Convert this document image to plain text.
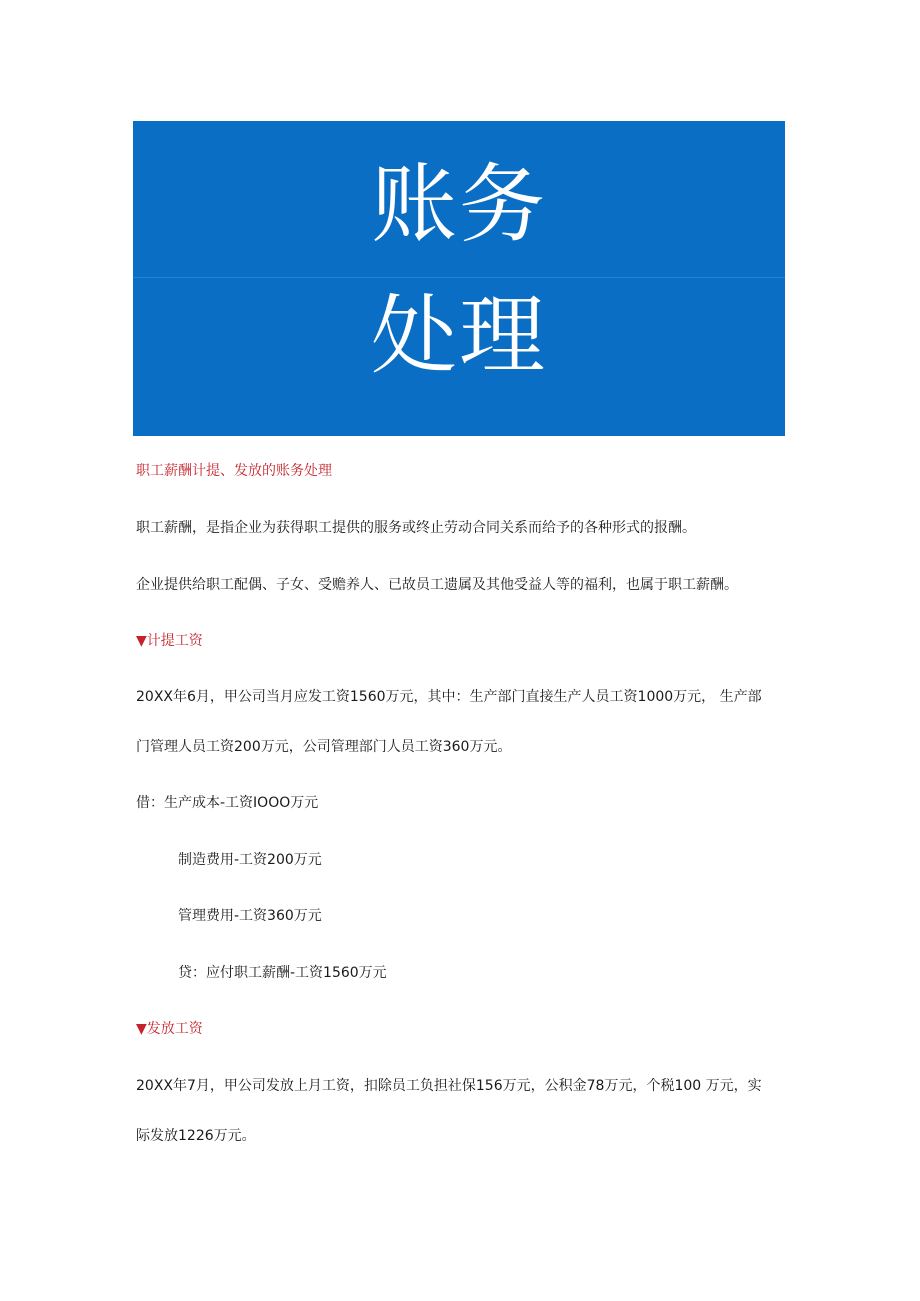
账务
处理
职工薪酬计提、发放的账务处理
职工薪酬，是指企业为获得职工提供的服务或终止劳动合同关系而给予的各种形式的报酬。
企业提供给职工配偶、子女、受赡养人、已故员工遗属及其他受益人等的福利，也属于职工薪酬。
▼计提工资
20XX年6月，甲公司当月应发工资1560万元，其中：生产部门直接生产人员工资1000万元， 生产部
门管理人员工资200万元，公司管理部门人员工资360万元。
借：生产成本-工资IOOO万元
制造费用-工资200万元
管理费用-工资360万元
贷：应付职工薪酬-工资1560万元
▼发放工资
20XX年7月，甲公司发放上月工资，扣除员工负担社保156万元，公积金78万元，个税100 万元，实
际发放1226万元。
